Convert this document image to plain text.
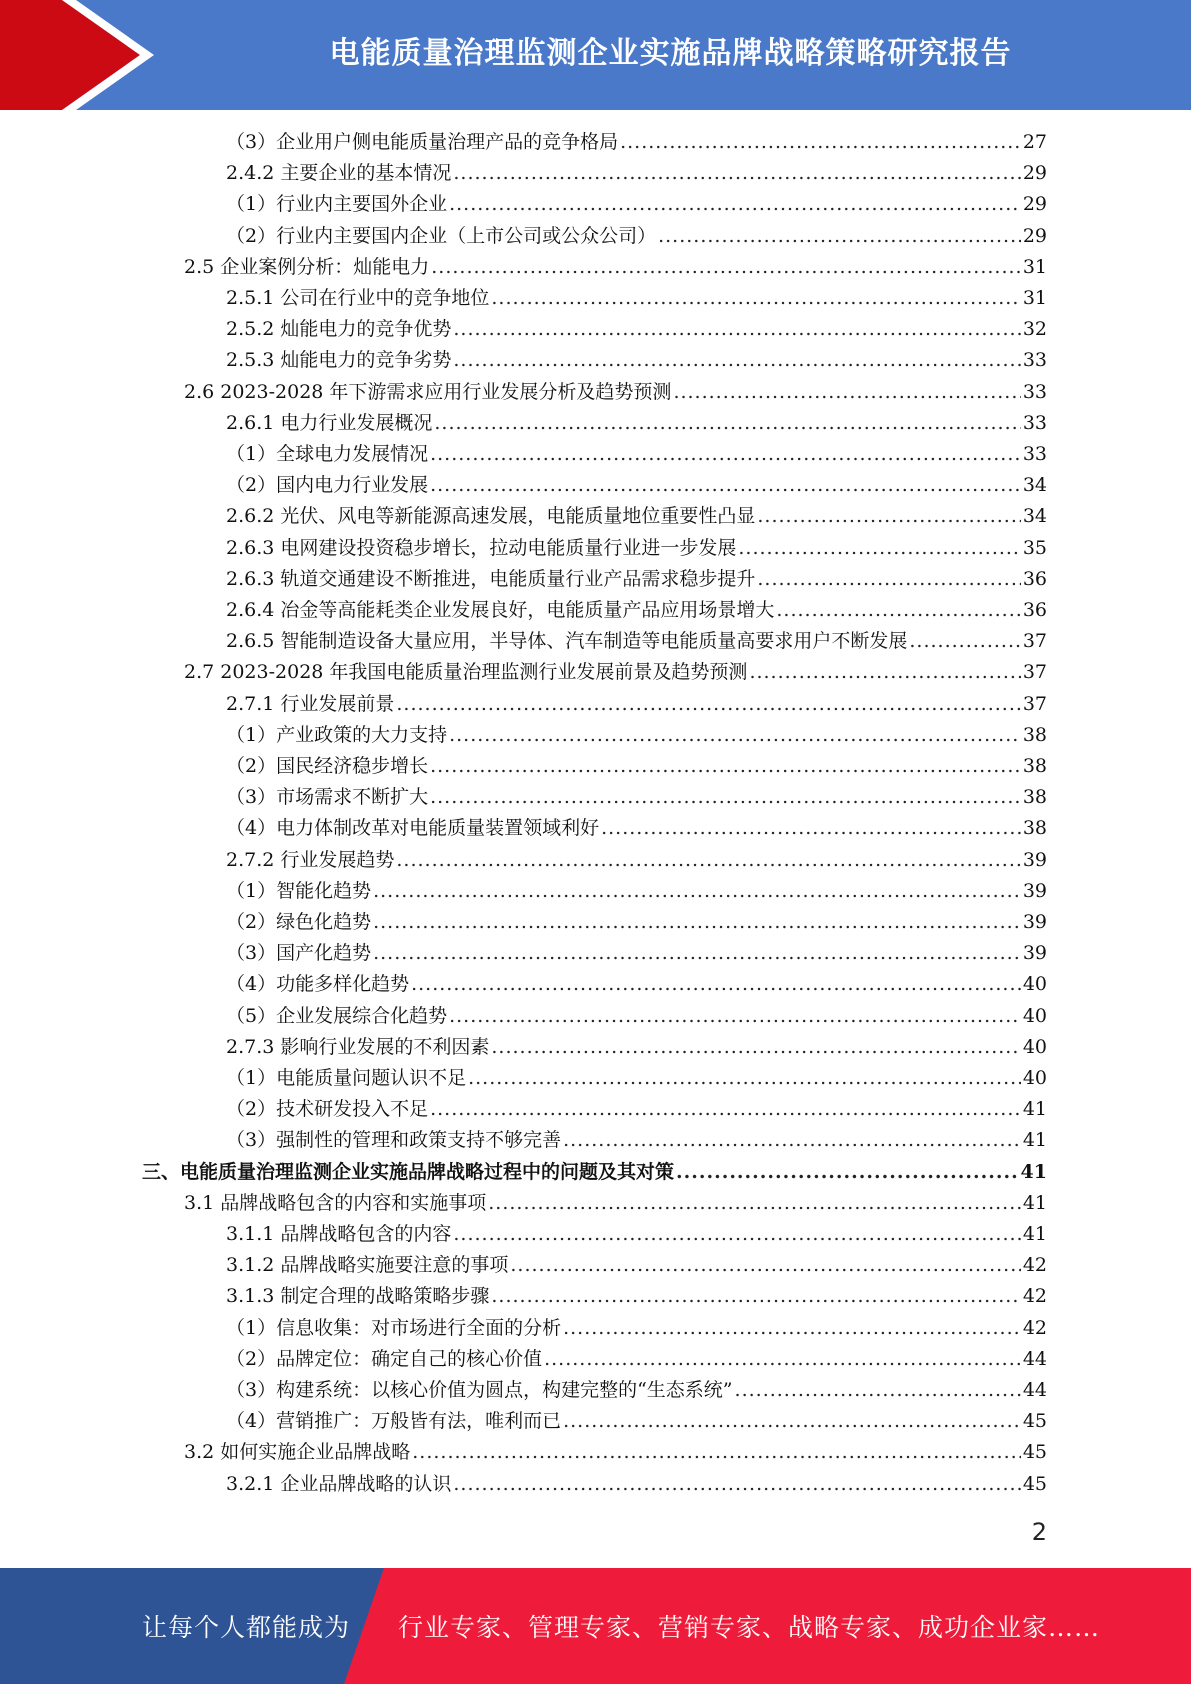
电能质量治理监测企业实施品牌战略策略研究报告
（3）企业用户侧电能质量治理产品的竞争格局 .....	27
2.4.2 主要企业的基本情况 .....	29
（1）行业内主要国外企业 .....	29
（2）行业内主要国内企业（上市公司或公众公司） .....	29
2.5 企业案例分析：灿能电力 .....	31
2.5.1 公司在行业中的竞争地位 .....	31
2.5.2 灿能电力的竞争优势 .....	32
2.5.3 灿能电力的竞争劣势 .....	33
2.6 2023-2028 年下游需求应用行业发展分析及趋势预测 .....	33
2.6.1 电力行业发展概况 .....	33
（1）全球电力发展情况 .....	33
（2）国内电力行业发展 .....	34
2.6.2 光伏、风电等新能源高速发展，电能质量地位重要性凸显 .....	34
2.6.3 电网建设投资稳步增长，拉动电能质量行业进一步发展 .....	35
2.6.3 轨道交通建设不断推进，电能质量行业产品需求稳步提升 .....	36
2.6.4 冶金等高能耗类企业发展良好，电能质量产品应用场景增大 .....	36
2.6.5 智能制造设备大量应用，半导体、汽车制造等电能质量高要求用户不断发展 .....	37
2.7 2023-2028 年我国电能质量治理监测行业发展前景及趋势预测 .....	37
2.7.1 行业发展前景 .....	37
（1）产业政策的大力支持 .....	38
（2）国民经济稳步增长 .....	38
（3）市场需求不断扩大 .....	38
（4）电力体制改革对电能质量装置领域利好 .....	38
2.7.2 行业发展趋势 .....	39
（1）智能化趋势 .....	39
（2）绿色化趋势 .....	39
（3）国产化趋势 .....	39
（4）功能多样化趋势 .....	40
（5）企业发展综合化趋势 .....	40
2.7.3 影响行业发展的不利因素 .....	40
（1）电能质量问题认识不足 .....	40
（2）技术研发投入不足 .....	41
（3）强制性的管理和政策支持不够完善 .....	41
三、电能质量治理监测企业实施品牌战略过程中的问题及其对策 .....	41
3.1 品牌战略包含的内容和实施事项 .....	41
3.1.1 品牌战略包含的内容 .....	41
3.1.2 品牌战略实施要注意的事项 .....	42
3.1.3 制定合理的战略策略步骤 .....	42
（1）信息收集：对市场进行全面的分析 .....	42
（2）品牌定位：确定自己的核心价值 .....	44
（3）构建系统：以核心价值为圆点，构建完整的“生态系统” .....	44
（4）营销推广：万般皆有法，唯利而已 .....	45
3.2 如何实施企业品牌战略 .....	45
3.2.1 企业品牌战略的认识 .....	45
2
让每个人都能成为 行业专家、管理专家、营销专家、战略专家、成功企业家……
